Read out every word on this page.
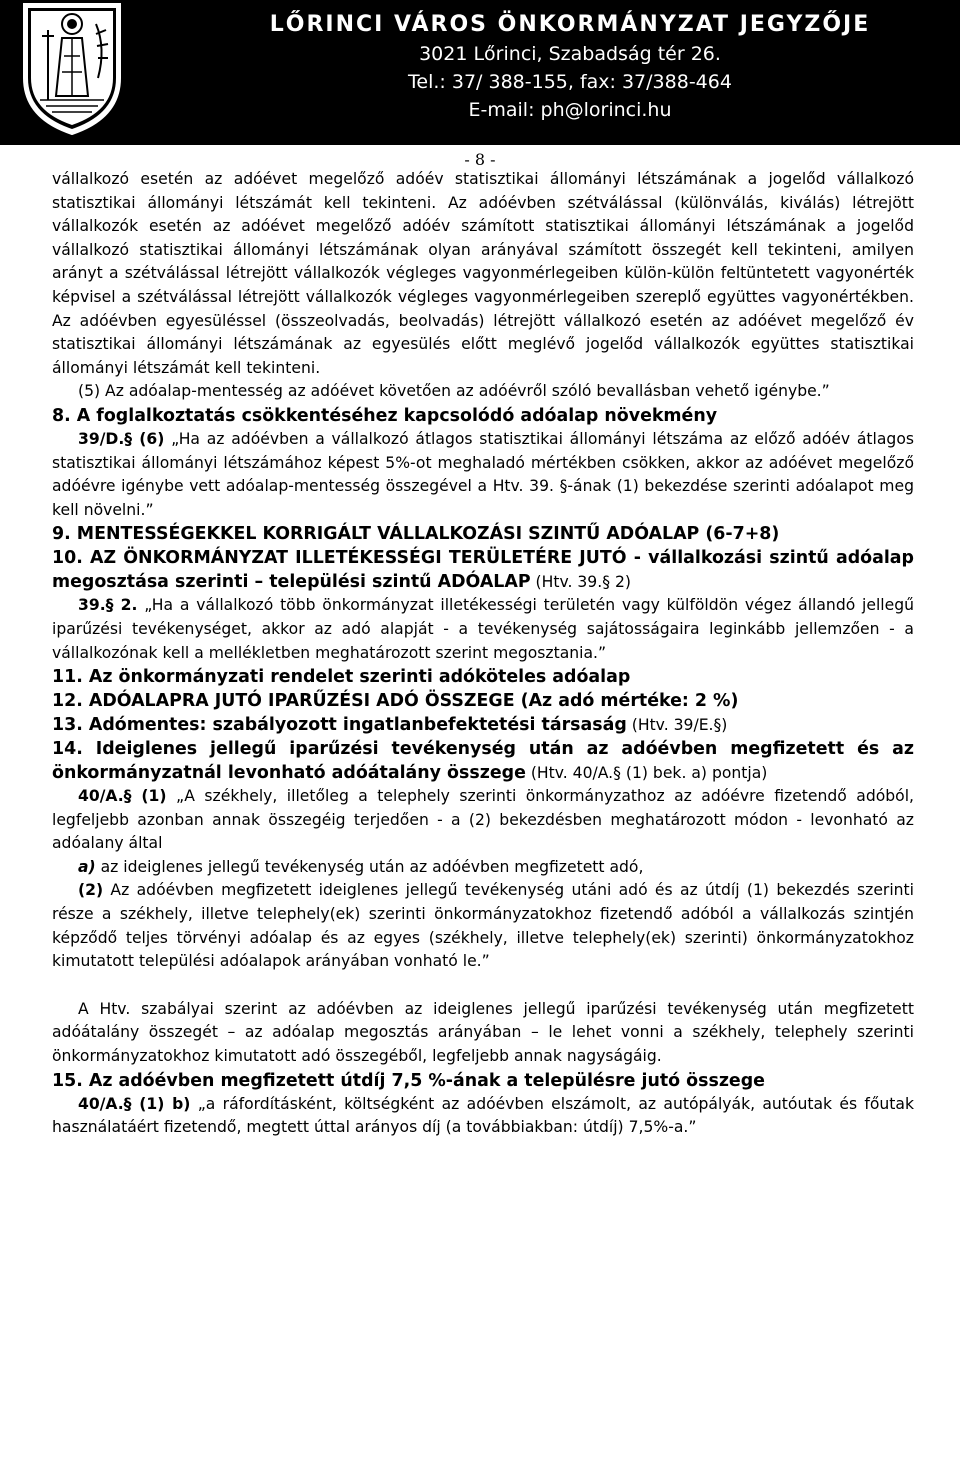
LŐRINCI VÁROS ÖNKORMÁNYZAT JEGYZŐJE
3021 Lőrinci, Szabadság tér 26.
Tel.: 37/ 388-155, fax: 37/388-464
E-mail: ph@lorinci.hu
- 8 -

vállalkozó esetén az adóévet megelőző adóév statisztikai állományi létszámának a jogelőd vállalkozó statisztikai állományi létszámát kell tekinteni. Az adóévben szétválással (különválás, kiválás) létrejött vállalkozók esetén az adóévet megelőző adóév számított statisztikai állományi létszámának a jogelőd vállalkozó statisztikai állományi létszámának olyan arányával számított összegét kell tekinteni, amilyen arányt a szétválással létrejött vállalkozók végleges vagyonmérlegeiben külön-külön feltüntetett vagyonérték képvisel a szétválással létrejött vállalkozók végleges vagyonmérlegeiben szereplő együttes vagyonértékben. Az adóévben egyesüléssel (összeolvadás, beolvadás) létrejött vállalkozó esetén az adóévet megelőző év statisztikai állományi létszámának az egyesülés előtt meglévő jogelőd vállalkozók együttes statisztikai állományi létszámát kell tekinteni.

(5) Az adóalap-mentesség az adóévet követően az adóévről szóló bevallásban vehető igénybe.”

8. A foglalkoztatás csökkentéséhez kapcsolódó adóalap növekmény

39/D.§ (6) „Ha az adóévben a vállalkozó átlagos statisztikai állományi létszáma az előző adóév átlagos statisztikai állományi létszámához képest 5%-ot meghaladó mértékben csökken, akkor az adóévet megelőző adóévre igénybe vett adóalap-mentesség összegével a Htv. 39. §-ának (1) bekezdése szerinti adóalapot meg kell növelni.”

9. MENTESSÉGEKKEL KORRIGÁLT VÁLLALKOZÁSI SZINTŰ ADÓALAP (6-7+8)

10. AZ ÖNKORMÁNYZAT ILLETÉKESSÉGI TERÜLETÉRE JUTÓ - vállalkozási szintű adóalap megosztása szerinti – települési szintű ADÓALAP (Htv. 39.§ 2)

39.§ 2. „Ha a vállalkozó több önkormányzat illetékességi területén vagy külföldön végez állandó jellegű iparűzési tevékenységet, akkor az adó alapját - a tevékenység sajátosságaira leginkább jellemzően - a vállalkozónak kell a mellékletben meghatározott szerint megosztania.”

11. Az önkormányzati rendelet szerinti adóköteles adóalap

12. ADÓALAPRA JUTÓ IPARŰZÉSI ADÓ ÖSSZEGE (Az adó mértéke: 2 %)

13. Adómentes: szabályozott ingatlanbefektetési társaság (Htv. 39/E.§)

14. Ideiglenes jellegű iparűzési tevékenység után az adóévben megfizetett és az önkormányzatnál levonható adóátalány összege (Htv. 40/A.§ (1) bek. a) pontja)

40/A.§ (1) „A székhely, illetőleg a telephely szerinti önkormányzathoz az adóévre fizetendő adóból, legfeljebb azonban annak összegéig terjedően - a (2) bekezdésben meghatározott módon - levonható az adóalany által

a) az ideiglenes jellegű tevékenység után az adóévben megfizetett adó,

(2) Az adóévben megfizetett ideiglenes jellegű tevékenység utáni adó és az útdíj (1) bekezdés szerinti része a székhely, illetve telephely(ek) szerinti önkormányzatokhoz fizetendő adóból a vállalkozás szintjén képződő teljes törvényi adóalap és az egyes (székhely, illetve telephely(ek) szerinti) önkormányzatokhoz kimutatott települési adóalapok arányában vonható le.”

A Htv. szabályai szerint az adóévben az ideiglenes jellegű iparűzési tevékenység után megfizetett adóátalány összegét – az adóalap megosztás arányában – le lehet vonni a székhely, telephely szerinti önkormányzatokhoz kimutatott adó összegéből, legfeljebb annak nagyságáig.

15. Az adóévben megfizetett útdíj 7,5 %-ának a településre jutó összege

40/A.§ (1) b) „a ráfordításként, költségként az adóévben elszámolt, az autópályák, autóutak és főutak használatáért fizetendő, megtett úttal arányos díj (a továbbiakban: útdíj) 7,5%-a.”
